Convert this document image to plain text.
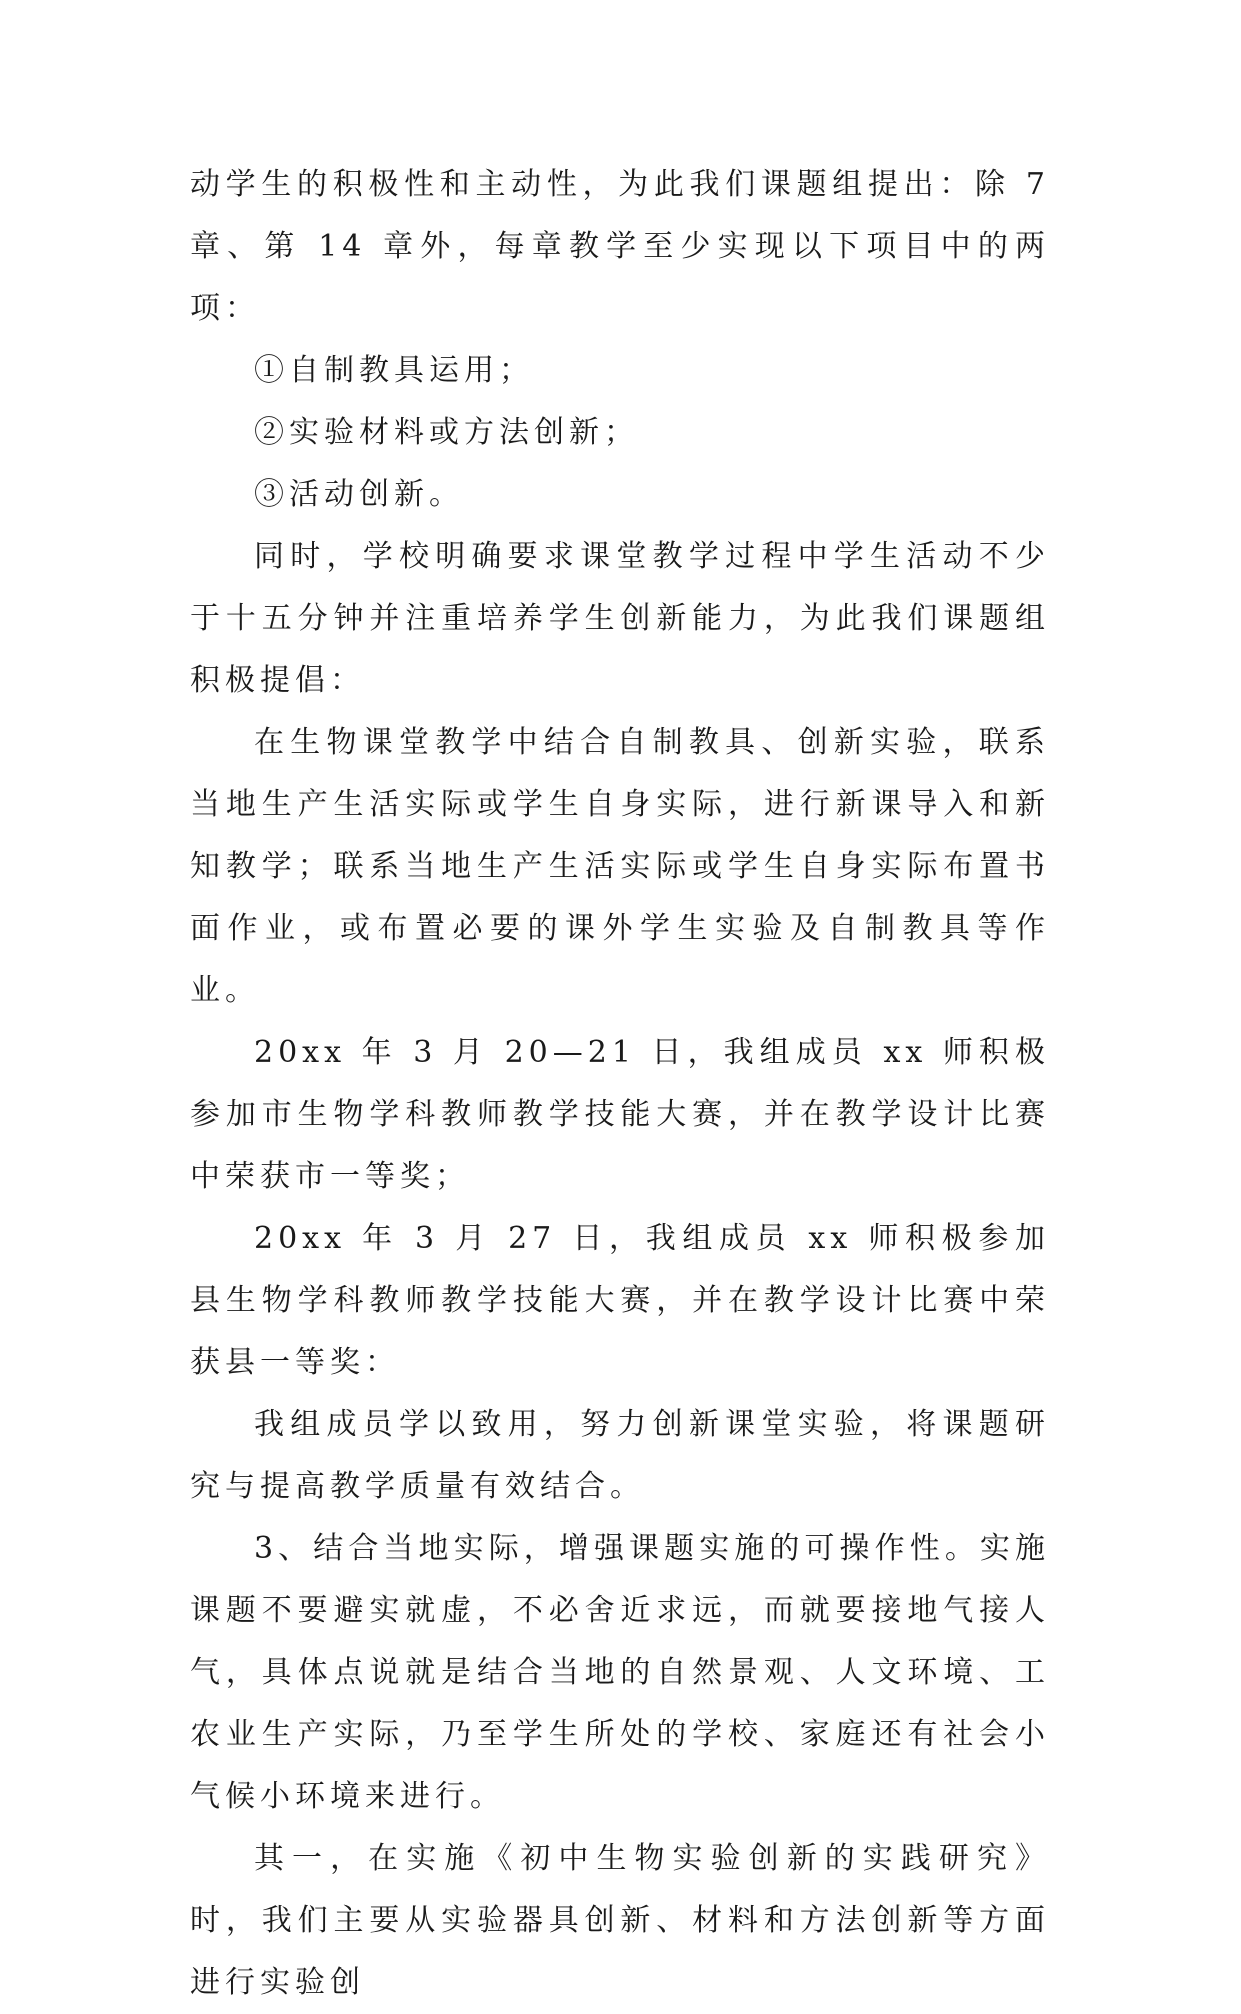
动学生的积极性和主动性，为此我们课题组提出：除 7 章、第 14 章外，每章教学至少实现以下项目中的两项：

①自制教具运用；

②实验材料或方法创新；

③活动创新。

同时，学校明确要求课堂教学过程中学生活动不少于十五分钟并注重培养学生创新能力，为此我们课题组积极提倡：

在生物课堂教学中结合自制教具、创新实验，联系当地生产生活实际或学生自身实际，进行新课导入和新知教学；联系当地生产生活实际或学生自身实际布置书面作业，或布置必要的课外学生实验及自制教具等作业。

20xx 年 3 月 20—21 日，我组成员 xx 师积极参加市生物学科教师教学技能大赛，并在教学设计比赛中荣获市一等奖；

20xx 年 3 月 27 日，我组成员 xx 师积极参加县生物学科教师教学技能大赛，并在教学设计比赛中荣获县一等奖：

我组成员学以致用，努力创新课堂实验，将课题研究与提高教学质量有效结合。

3、结合当地实际，增强课题实施的可操作性。实施课题不要避实就虚，不必舍近求远，而就要接地气接人气，具体点说就是结合当地的自然景观、人文环境、工农业生产实际，乃至学生所处的学校、家庭还有社会小气候小环境来进行。

其一，在实施《初中生物实验创新的实践研究》时，我们主要从实验器具创新、材料和方法创新等方面进行实验创
